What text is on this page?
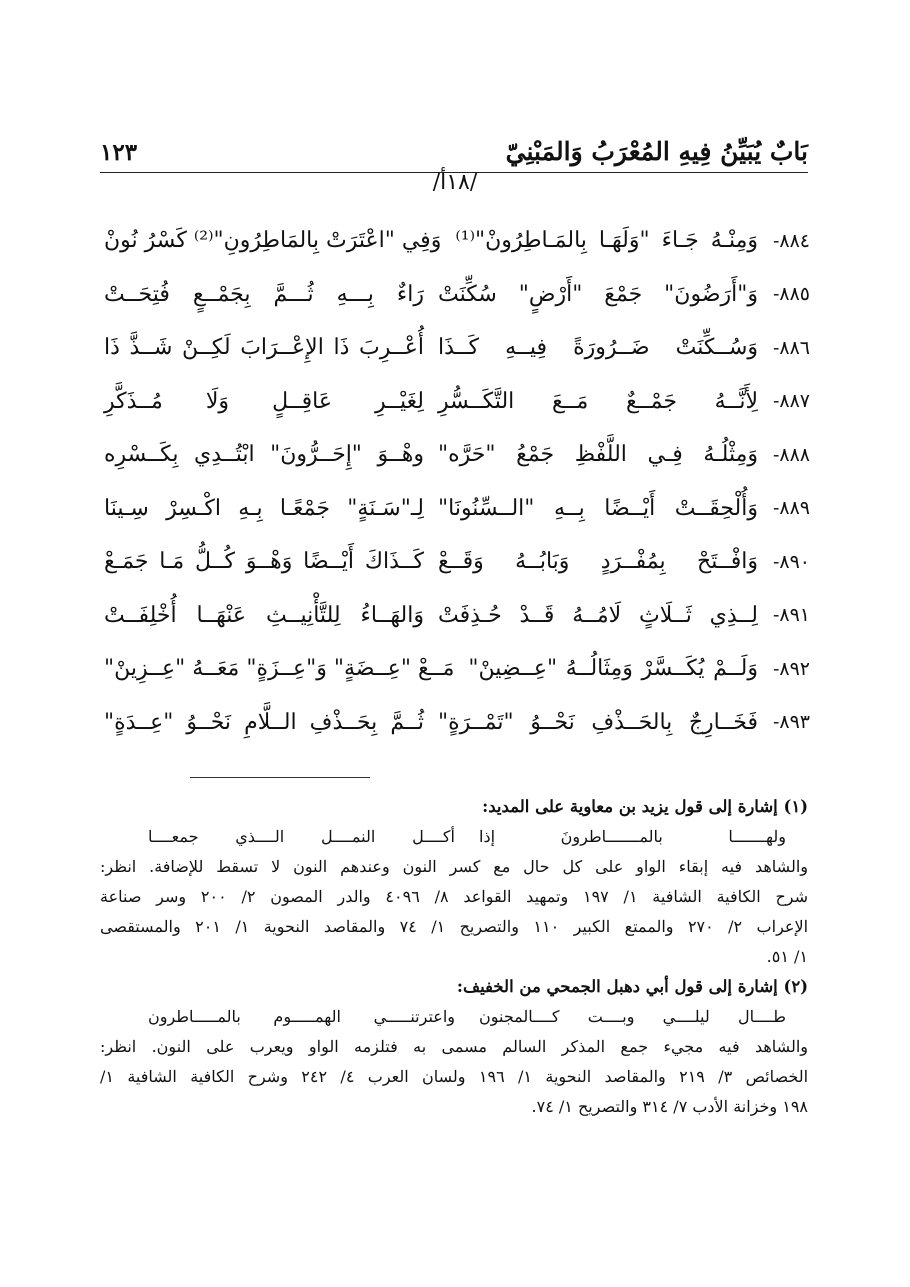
بَابٌ يُبَيِّنُ فِيهِ المُعْرَبُ وَالمَبْنِيّ
١٢٣
/١٨أ/
٨٨٤-
وَمِنْـهُ جَـاءَ "وَلَهَـا بِالمَـاطِرُونْ"⁽¹⁾
وَفِي "اعْتَرَتْ بِالمَاطِرُونِ"⁽²⁾ كَسْرُ نُونْ
٨٨٥-
وَ"أَرَضُونَ" جَمْعَ "أَرْضٍ" سُكِّنَتْ
رَاءٌ بِـــهِ ثُـــمَّ بِجَمْــعٍ فُتِحَــتْ
٨٨٦-
وَسُــكِّنَتْ ضَــرُورَةً فِيــهِ كَــذَا
أُعْــرِبَ ذَا الإِعْــرَابَ لَكِــنْ شَــذَّ ذَا
٨٨٧-
لِأَنَّــهُ جَمْــعٌ مَــعَ التَّكَــسُّرِ
لِغَيْــرِ عَاقِــلٍ وَلَا مُــذَكَّرِ
٨٨٨-
وَمِثْلُـهُ فِـي اللَّفْظِ جَمْعُ "حَرَّه"
وهْــوَ "إِحَــرُّونَ" ابْتُــدِي بِكَــسْرِه
٨٨٩-
وَأُلْحِقَــتْ أَيْــضًا بِــهِ "الــسِّنُونَا"
لِـ"سَـنَةٍ" جَمْعًـا بِـهِ اكْـسِرْ سِـينَا
٨٩٠-
وَافْــتَحْ بِمُفْــرَدٍ وَبَابُــهُ وَقَــعْ
كَــذَاكَ أَيْــضًا وَهْــوَ كُــلُّ مَـا جَمَـعْ
٨٩١-
لِــذِي ثَــلَاثٍ لَامُــهُ قَــدْ حُـذِفَتْ
وَالهَــاءُ لِلتَّأْنِيــثِ عَنْهَــا أُخْلِفَــتْ
٨٩٢-
وَلَــمْ يُكَــسَّرْ وَمِثَالُــهُ "عِــضِينْ"
مَــعْ "عِــضَةٍ" وَ"عِــزَةٍ" مَعَــهُ "عِــزِينْ"
٨٩٣-
فَخَــارِجٌ بِالحَــذْفِ نَحْــوُ "تَمْــرَةٍ"
ثُــمَّ بِحَــذْفِ الــلَّامِ نَحْــوُ "عِــدَةٍ"
(١) إشارة إلى قول يزيد بن معاوية على المديد:
ولهـــــــا بالمـــــــاطرونَ إذا
أكــــل النمــــل الــــذي جمعــــا
والشاهد فيه إبقاء الواو على كل حال مع كسر النون وعندهم النون لا تسقط للإضافة. انظر:
شرح الكافية الشافية ١/ ١٩٧ وتمهيد القواعد ٨/ ٤٠٩٦ والدر المصون ٢/ ٢٠٠ وسر صناعة
الإعراب ٢/ ٢٧٠ والممتع الكبير ١١٠ والتصريح ١/ ٧٤ والمقاصد النحوية ١/ ٢٠١ والمستقصى
١/ ٥١.
(٢) إشارة إلى قول أبي دهبل الجمحي من الخفيف:
طــــال ليلــــي وبــــت كــــالمجنون
واعترتنـــــي الهمـــــوم بالمـــــاطرون
والشاهد فيه مجيء جمع المذكر السالم مسمى به فتلزمه الواو ويعرب على النون. انظر:
الخصائص ٣/ ٢١٩ والمقاصد النحوية ١/ ١٩٦ ولسان العرب ٤/ ٢٤٢ وشرح الكافية الشافية ١/
١٩٨ وخزانة الأدب ٧/ ٣١٤ والتصريح ١/ ٧٤.
